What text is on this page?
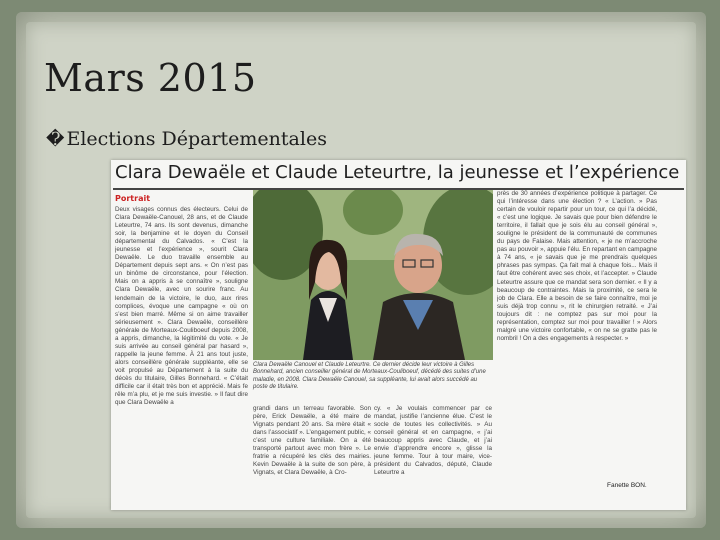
Mars 2015
� Elections Départementales
Clara Dewaële et Claude Leteurtre, la jeunesse et l’expérience
Portrait
Deux visages connus des électeurs. Celui de Clara Dewaële-Canouel, 28 ans, et de Claude Leteurtre, 74 ans. Ils sont devenus, dimanche soir, la benjamine et le doyen du Conseil départemental du Calvados. « C’est la jeunesse et l’expérience », sourit Clara Dewaële. Le duo travaille ensemble au Département depuis sept ans. « On n’est pas un binôme de circonstance, pour l’élection. Mais on a appris à se connaître », souligne Clara Dewaële, avec un sourire franc. Au lendemain de la victoire, le duo, aux rires complices, évoque une campagne « où on s’est bien marré. Même si on aime travailler sérieusement ». Clara Dewaële, conseillère générale de Morteaux-Couliboeuf depuis 2008, a appris, dimanche, la légitimité du vote. « Je suis arrivée au conseil général par hasard », rappelle la jeune femme. À 21 ans tout juste, alors conseillère générale suppléante, elle se voit propulsé au Département à la suite du décès du titulaire, Gilles Bonnehard. « C’était difficile car il était très bon et apprécié. Mais fe rêle m’a plu, et je me suis investie. » Il faut dire que Clara Dewaële a
Clara Dewaële Canouel et Claude Leteurtre. Ce dernier décide leur victoire à Gilles Bonnehard, ancien conseiller général de Morteaux-Couliboeuf, décédé des suites d’une maladie, en 2008. Clara Dewaële Canouel, sa suppléante, lui avait alors succédé au poste de titulaire.
grandi dans un terreau favorable. Son père, Erick Dewaële, a été maire de Vignats pendant 20 ans. Sa mère était « dans l’associatif ». L’engagement public, « c’est une culture familiale. On a été transporté partout avec mon frère ». Le fratrie a récupéré les clés des mairies. Kevin Dewaële à la suite de son père, à Vignats, et Clara Dewaële, à Cro-
cy. « Je voulais commencer par ce mandat, justifie l’ancienne élue. C’est le socle de toutes les collectivités. » Au conseil général et en campagne, « j’ai beaucoup appris avec Claude, et j’ai envie d’apprendre encore », glisse la jeune femme. Tour à tour maire, vice-président du Calvados, député, Claude Leteurtre a
près de 30 années d’expérience politique à partager. Ce qui l’intéresse dans une élection ? « L’action. » Pas certain de vouloir repartir pour un tour, ce qui l’a décidé, « c’est une logique. Je savais que pour bien défendre le territoire, il fallait que je sois élu au conseil général », souligne le président de la communauté de communes du pays de Falaise. Mais attention, « je ne m’accroche pas au pouvoir », appuie l’élu. En repartant en campagne à 74 ans, « je savais que je me prendrais quelques phrases pas sympas. Ça fait mal à chaque fois... Mais il faut être cohérent avec ses choix, et l’accepter. » Claude Leteurtre assure que ce mandat sera son dernier. « Il y a beaucoup de contraintes. Mais la proximité, ce sera le job de Clara. Elle a besoin de se faire connaître, moi je suis déjà trop connu », rit le chirurgien retraité. « J’ai toujours dit : ne comptez pas sur moi pour la représentation, comptez sur moi pour travailler ! » Alors malgré une victoire confortable, « on ne se gratte pas le nombril ! On a des engagements à respecter. »
Fanette BON.
